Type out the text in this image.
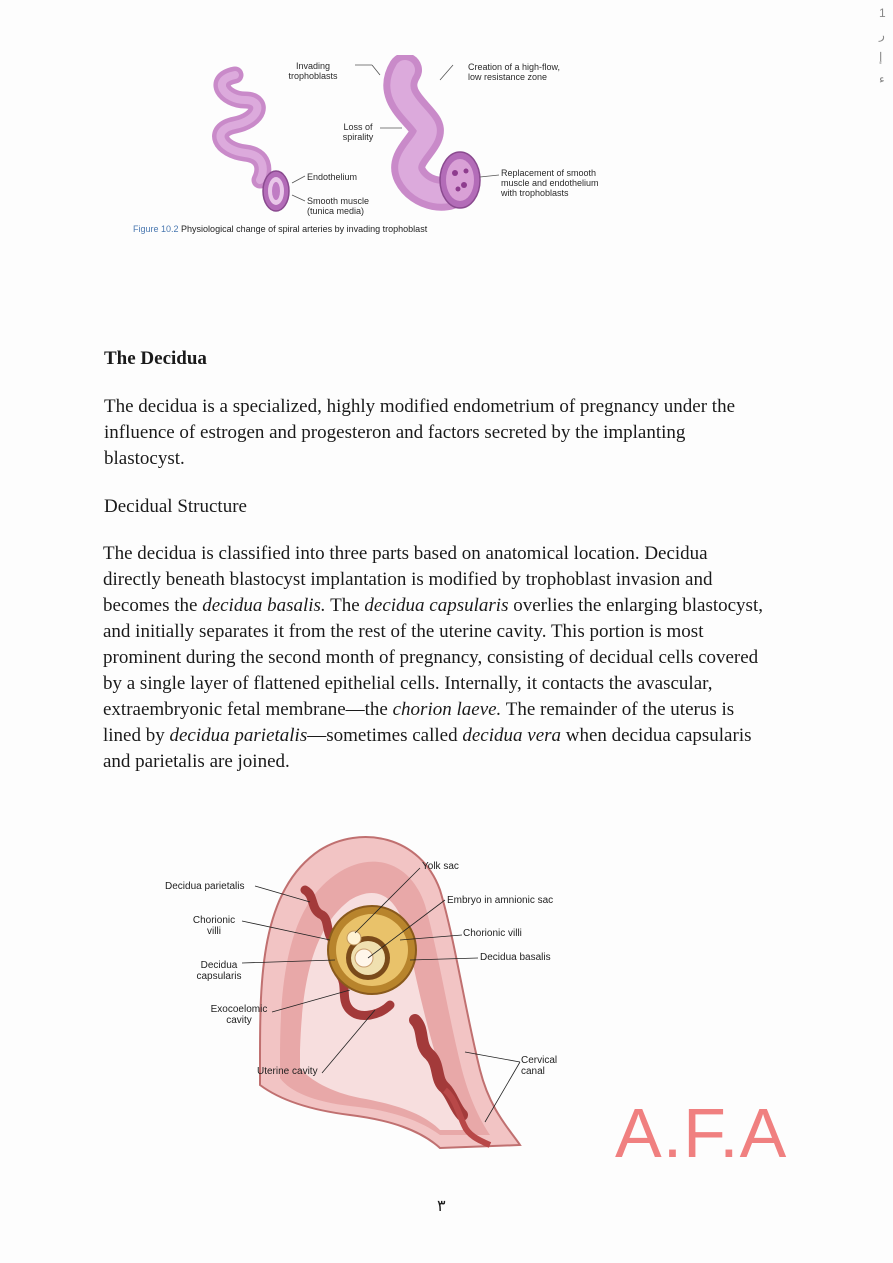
Invading
trophoblasts
Creation of a high-flow,
low resistance zone
Loss of
spirality
Endothelium
Smooth muscle
(tunica media)
Replacement of smooth
muscle and endothelium
with trophoblasts
Figure 10.2 Physiological change of spiral arteries by invading trophoblast
The Decidua
The decidua is a specialized, highly modified endometrium of pregnancy under the influence of estrogen and progesteron and factors secreted by the implanting blastocyst.
Decidual Structure
The decidua is classified into three parts based on anatomical location. Decidua directly beneath blastocyst implantation is modified by trophoblast invasion and becomes the decidua basalis. The decidua capsularis overlies the enlarging blastocyst, and initially separates it from the rest of the uterine cavity. This portion is most prominent during the second month of pregnancy, consisting of decidual cells covered by a single layer of flattened epithelial cells. Internally, it contacts the avascular, extraembryonic fetal membrane—the chorion laeve. The remainder of the uterus is lined by decidua parietalis—sometimes called decidua vera when decidua capsularis and parietalis are joined.
Decidua parietalis
Chorionic
villi
Decidua
capsularis
Exocoelomic
cavity
Uterine cavity
Yolk sac
Embryo in amnionic sac
Chorionic villi
Decidua basalis
Cervical
canal
A.F.A
٣
1
ر
إ
ء
